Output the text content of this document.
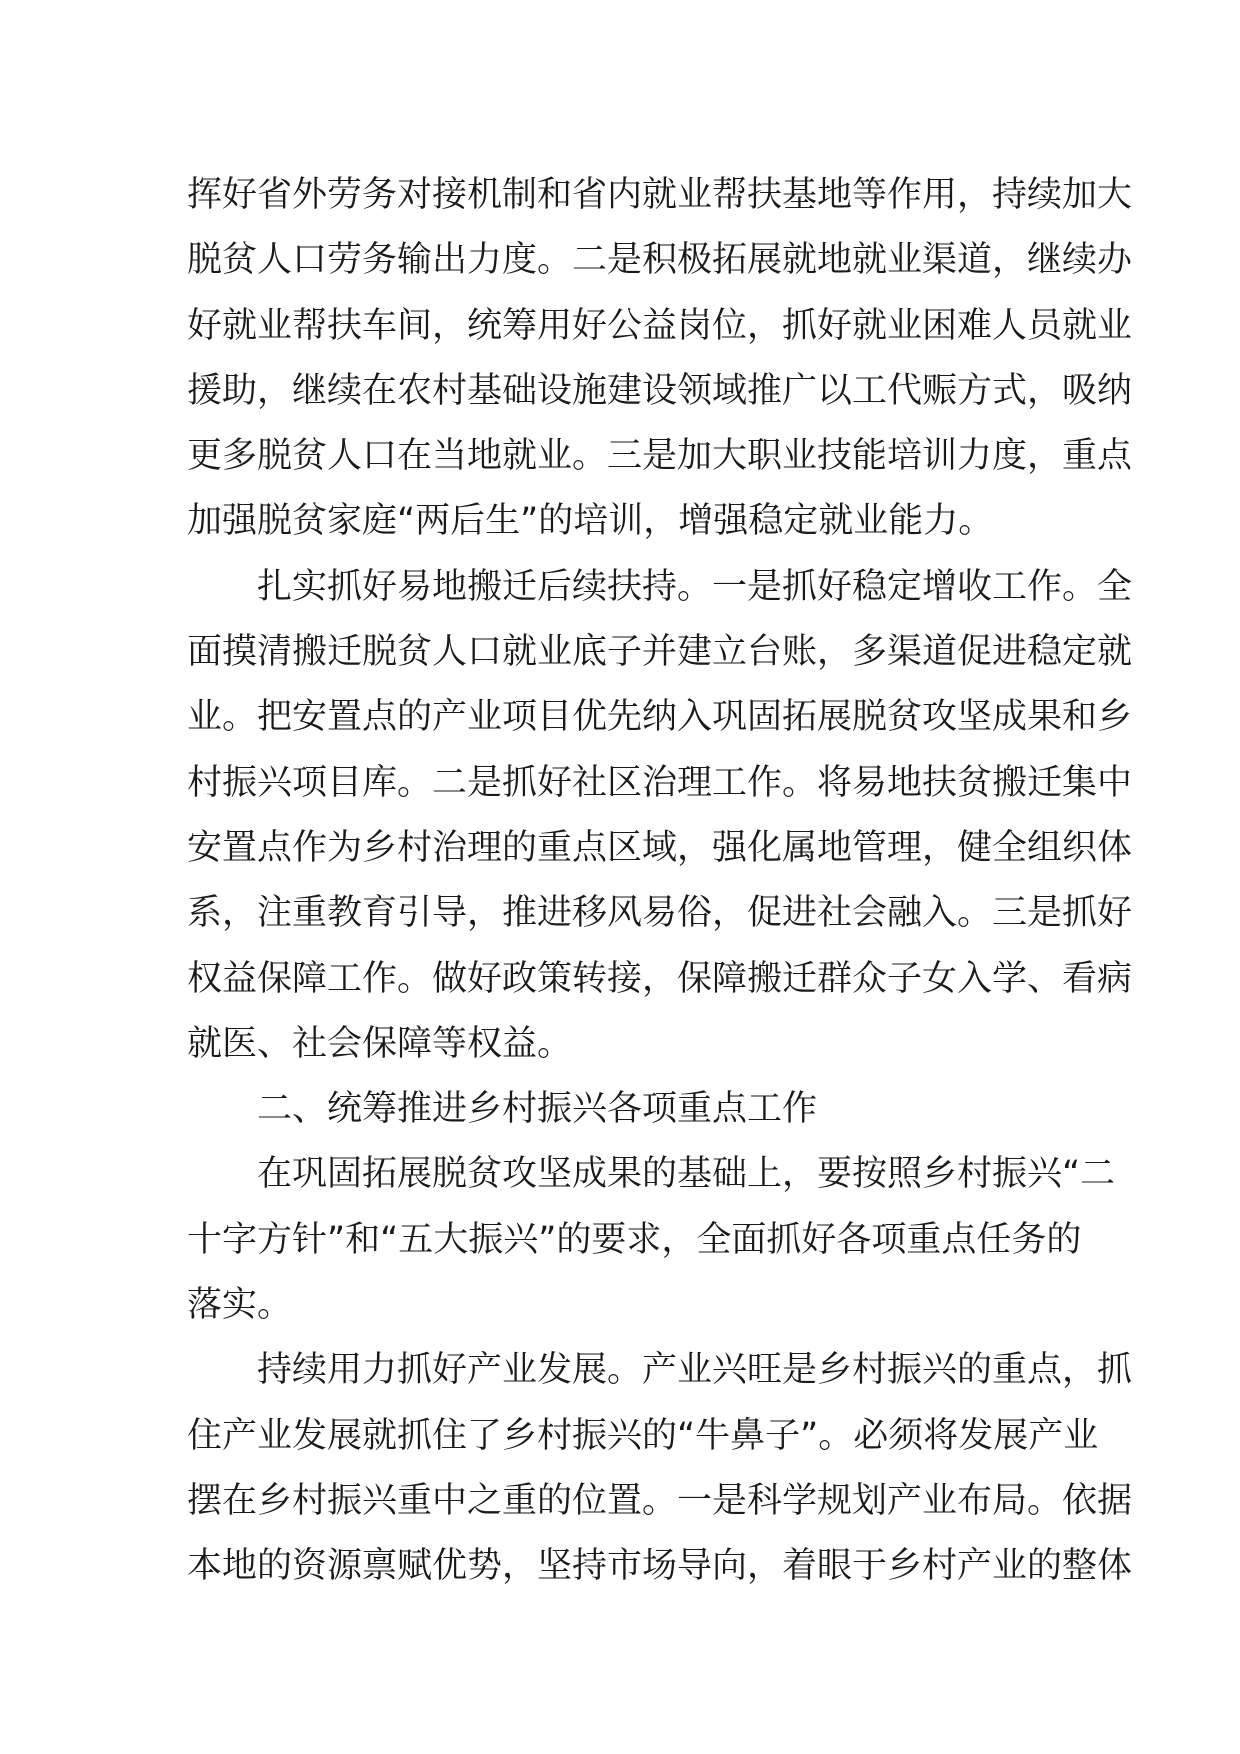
挥好省外劳务对接机制和省内就业帮扶基地等作用，持续加大
脱贫人口劳务输出力度。二是积极拓展就地就业渠道，继续办
好就业帮扶车间，统筹用好公益岗位，抓好就业困难人员就业
援助，继续在农村基础设施建设领域推广以工代赈方式，吸纳
更多脱贫人口在当地就业。三是加大职业技能培训力度，重点
加强脱贫家庭“两后生”的培训，增强稳定就业能力。
　　扎实抓好易地搬迁后续扶持。一是抓好稳定增收工作。全
面摸清搬迁脱贫人口就业底子并建立台账，多渠道促进稳定就
业。把安置点的产业项目优先纳入巩固拓展脱贫攻坚成果和乡
村振兴项目库。二是抓好社区治理工作。将易地扶贫搬迁集中
安置点作为乡村治理的重点区域，强化属地管理，健全组织体
系，注重教育引导，推进移风易俗，促进社会融入。三是抓好
权益保障工作。做好政策转接，保障搬迁群众子女入学、看病
就医、社会保障等权益。
　　二、统筹推进乡村振兴各项重点工作
　　在巩固拓展脱贫攻坚成果的基础上，要按照乡村振兴“二
十字方针”和“五大振兴”的要求，全面抓好各项重点任务的
落实。
　　持续用力抓好产业发展。产业兴旺是乡村振兴的重点，抓
住产业发展就抓住了乡村振兴的“牛鼻子”。必须将发展产业
摆在乡村振兴重中之重的位置。一是科学规划产业布局。依据
本地的资源禀赋优势，坚持市场导向，着眼于乡村产业的整体
